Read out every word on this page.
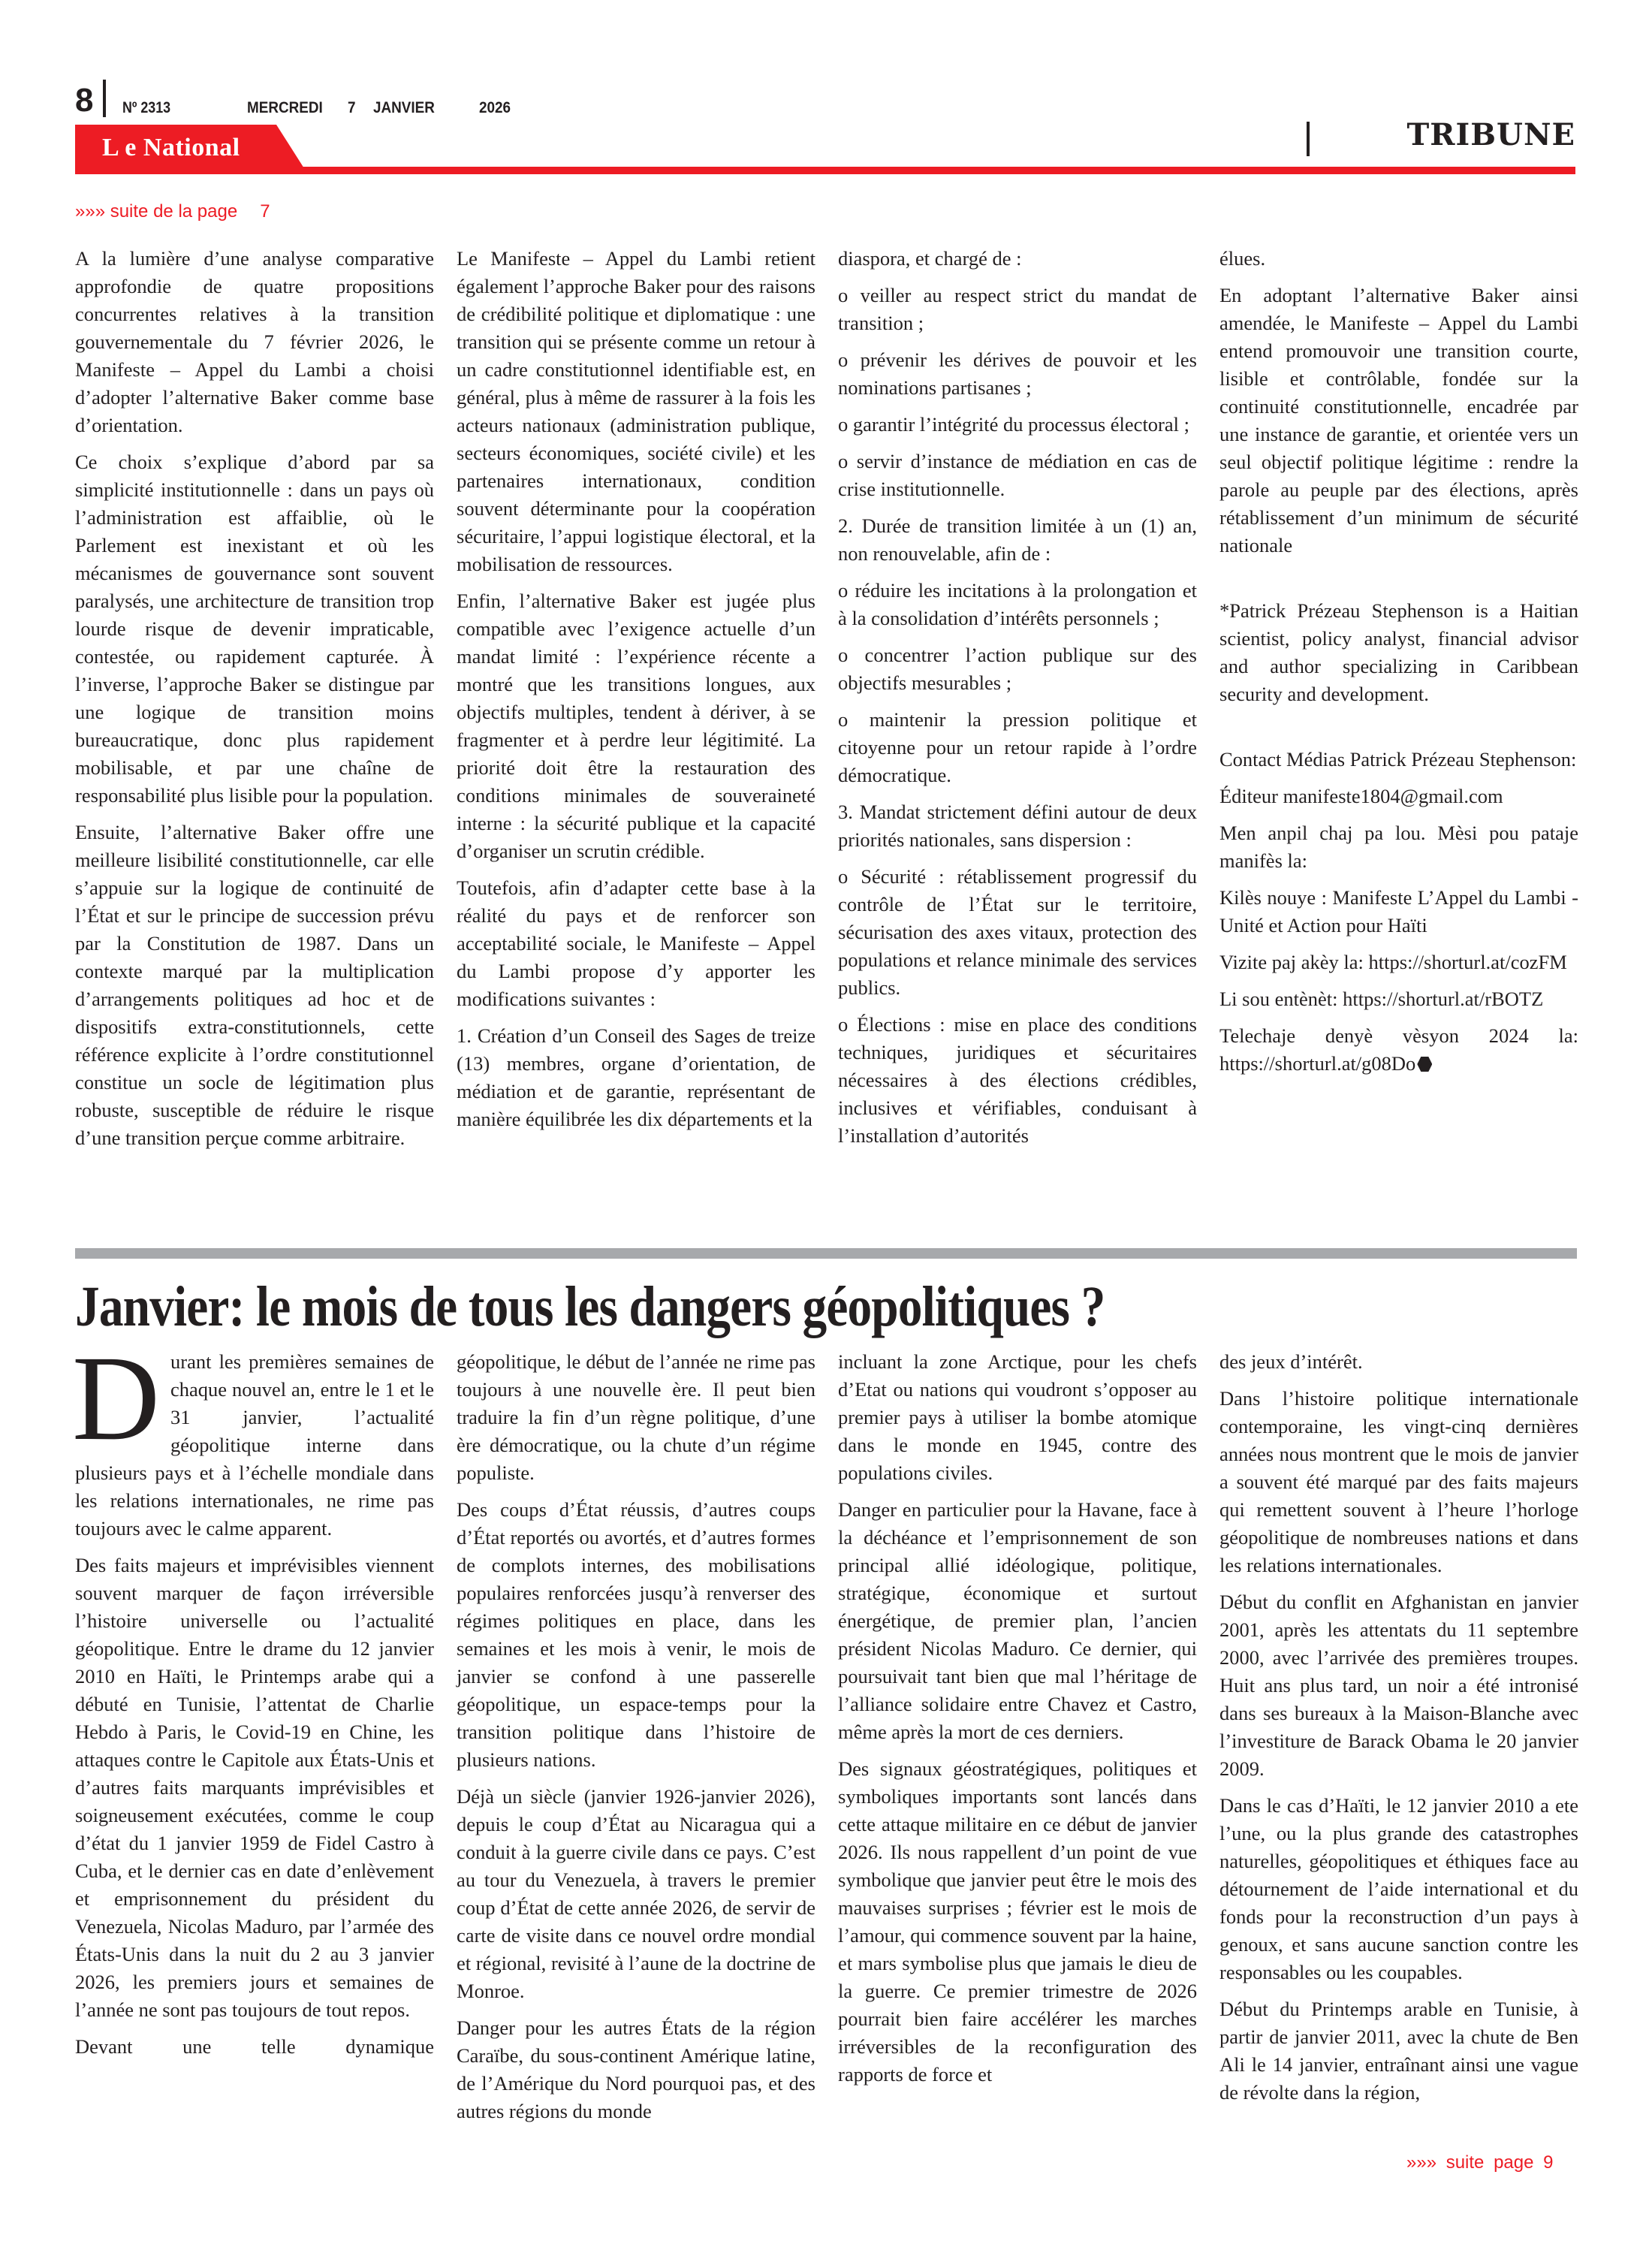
8 Nº 2313	MERCREDI 7 JANVIER	2026
L e National	TRIBUNE
»»» suite de la page 7

A la lumière d’une analyse comparative approfondie de quatre propositions concurrentes relatives à la transition gouvernementale du 7 février 2026, le Manifeste – Appel du Lambi a choisi d’adopter l’alternative Baker comme base d’orientation.

Ce choix s’explique d’abord par sa simplicité institutionnelle : dans un pays où l’administration est affaiblie, où le Parlement est inexistant et où les mécanismes de gouvernance sont souvent paralysés, une architecture de transition trop lourde risque de devenir impraticable, contestée, ou rapidement capturée. À l’inverse, l’approche Baker se distingue par une logique de transition moins bureaucratique, donc plus rapidement mobilisable, et par une chaîne de responsabilité plus lisible pour la population.

Ensuite, l’alternative Baker offre une meilleure lisibilité constitutionnelle, car elle s’appuie sur la logique de continuité de l’État et sur le principe de succession prévu par la Constitution de 1987. Dans un contexte marqué par la multiplication d’arrangements politiques ad hoc et de dispositifs extra-constitutionnels, cette référence explicite à l’ordre constitutionnel constitue un socle de légitimation plus robuste, susceptible de réduire le risque d’une transition perçue comme arbitraire.

Le Manifeste – Appel du Lambi retient également l’approche Baker pour des raisons de crédibilité politique et diplomatique : une transition qui se présente comme un retour à un cadre constitutionnel identifiable est, en général, plus à même de rassurer à la fois les acteurs nationaux (administration publique, secteurs économiques, société civile) et les partenaires internationaux, condition souvent déterminante pour la coopération sécuritaire, l’appui logistique électoral, et la mobilisation de ressources.

Enfin, l’alternative Baker est jugée plus compatible avec l’exigence actuelle d’un mandat limité : l’expérience récente a montré que les transitions longues, aux objectifs multiples, tendent à dériver, à se fragmenter et à perdre leur légitimité. La priorité doit être la restauration des conditions minimales de souveraineté interne : la sécurité publique et la capacité d’organiser un scrutin crédible.

Toutefois, afin d’adapter cette base à la réalité du pays et de renforcer son acceptabilité sociale, le Manifeste – Appel du Lambi propose d’y apporter les modifications suivantes :

1. Création d’un Conseil des Sages de treize (13) membres, organe d’orientation, de médiation et de garantie, représentant de manière équilibrée les dix départements et la

diaspora, et chargé de :

o veiller au respect strict du mandat de transition ;

o prévenir les dérives de pouvoir et les nominations partisanes ;

o garantir l’intégrité du processus électoral ;

o servir d’instance de médiation en cas de crise institutionnelle.

2. Durée de transition limitée à un (1) an, non renouvelable, afin de :

o réduire les incitations à la prolongation et à la consolidation d’intérêts personnels ;

o concentrer l’action publique sur des objectifs mesurables ;

o maintenir la pression politique et citoyenne pour un retour rapide à l’ordre démocratique.

3. Mandat strictement défini autour de deux priorités nationales, sans dispersion :

o Sécurité : rétablissement progressif du contrôle de l’État sur le territoire, sécurisation des axes vitaux, protection des populations et relance minimale des services publics.

o Élections : mise en place des conditions techniques, juridiques et sécuritaires nécessaires à des élections crédibles, inclusives et vérifiables, conduisant à l’installation d’autorités

élues.

En adoptant l’alternative Baker ainsi amendée, le Manifeste – Appel du Lambi entend promouvoir une transition courte, lisible et contrôlable, fondée sur la continuité constitutionnelle, encadrée par une instance de garantie, et orientée vers un seul objectif politique légitime : rendre la parole au peuple par des élections, après rétablissement d’un minimum de sécurité nationale

*Patrick Prézeau Stephenson is a Haitian scientist, policy analyst, financial advisor and author specializing in Caribbean security and development.

Contact Médias Patrick Prézeau Stephenson:

Éditeur manifeste1804@gmail.com

Men anpil chaj pa lou. Mèsi pou pataje manifès la:

Kilès nouye : Manifeste L’Appel du Lambi - Unité et Action pour Haïti

Vizite paj akèy la: https://shorturl.at/cozFM

Li sou entènèt: https://shorturl.at/rBOTZ

Telechaje denyè vèsyon 2024 la: https://shorturl.at/g08Do

Janvier: le mois de tous les dangers géopolitiques ?

Durant les premières semaines de chaque nouvel an, entre le 1 et le 31 janvier, l’actualité géopolitique interne dans plusieurs pays et à l’échelle mondiale dans les relations internationales, ne rime pas toujours avec le calme apparent.

Des faits majeurs et imprévisibles viennent souvent marquer de façon irréversible l’histoire universelle ou l’actualité géopolitique. Entre le drame du 12 janvier 2010 en Haïti, le Printemps arabe qui a débuté en Tunisie, l’attentat de Charlie Hebdo à Paris, le Covid-19 en Chine, les attaques contre le Capitole aux États-Unis et d’autres faits marquants imprévisibles et soigneusement exécutées, comme le coup d’état du 1 janvier 1959 de Fidel Castro à Cuba, et le dernier cas en date d’enlèvement et emprisonnement du président du Venezuela, Nicolas Maduro, par l’armée des États-Unis dans la nuit du 2 au 3 janvier 2026, les premiers jours et semaines de l’année ne sont pas toujours de tout repos.

Devant une telle dynamique

géopolitique, le début de l’année ne rime pas toujours à une nouvelle ère. Il peut bien traduire la fin d’un règne politique, d’une ère démocratique, ou la chute d’un régime populiste.

Des coups d’État réussis, d’autres coups d’État reportés ou avortés, et d’autres formes de complots internes, des mobilisations populaires renforcées jusqu’à renverser des régimes politiques en place, dans les semaines et les mois à venir, le mois de janvier se confond à une passerelle géopolitique, un espace-temps pour la transition politique dans l’histoire de plusieurs nations.

Déjà un siècle (janvier 1926-janvier 2026), depuis le coup d’État au Nicaragua qui a conduit à la guerre civile dans ce pays. C’est au tour du Venezuela, à travers le premier coup d’État de cette année 2026, de servir de carte de visite dans ce nouvel ordre mondial et régional, revisité à l’aune de la doctrine de Monroe.

Danger pour les autres États de la région Caraïbe, du sous-continent Amérique latine, de l’Amérique du Nord pourquoi pas, et des autres régions du monde

incluant la zone Arctique, pour les chefs d’Etat ou nations qui voudront s’opposer au premier pays à utiliser la bombe atomique dans le monde en 1945, contre des populations civiles.

Danger en particulier pour la Havane, face à la déchéance et l’emprisonnement de son principal allié idéologique, politique, stratégique, économique et surtout énergétique, de premier plan, l’ancien président Nicolas Maduro. Ce dernier, qui poursuivait tant bien que mal l’héritage de l’alliance solidaire entre Chavez et Castro, même après la mort de ces derniers.

Des signaux géostratégiques, politiques et symboliques importants sont lancés dans cette attaque militaire en ce début de janvier 2026. Ils nous rappellent d’un point de vue symbolique que janvier peut être le mois des mauvaises surprises ; février est le mois de l’amour, qui commence souvent par la haine, et mars symbolise plus que jamais le dieu de la guerre. Ce premier trimestre de 2026 pourrait bien faire accélérer les marches irréversibles de la reconfiguration des rapports de force et

des jeux d’intérêt.

Dans l’histoire politique internationale contemporaine, les vingt-cinq dernières années nous montrent que le mois de janvier a souvent été marqué par des faits majeurs qui remettent souvent à l’heure l’horloge géopolitique de nombreuses nations et dans les relations internationales.

Début du conflit en Afghanistan en janvier 2001, après les attentats du 11 septembre 2000, avec l’arrivée des premières troupes. Huit ans plus tard, un noir a été intronisé dans ses bureaux à la Maison-Blanche avec l’investiture de Barack Obama le 20 janvier 2009.

Dans le cas d’Haïti, le 12 janvier 2010 a ete l’une, ou la plus grande des catastrophes naturelles, géopolitiques et éthiques face au détournement de l’aide international et du fonds pour la reconstruction d’un pays à genoux, et sans aucune sanction contre les responsables ou les coupables.

Début du Printemps arable en Tunisie, à partir de janvier 2011, avec la chute de Ben Ali le 14 janvier, entraînant ainsi une vague de révolte dans la région,

»»» suite page 9
